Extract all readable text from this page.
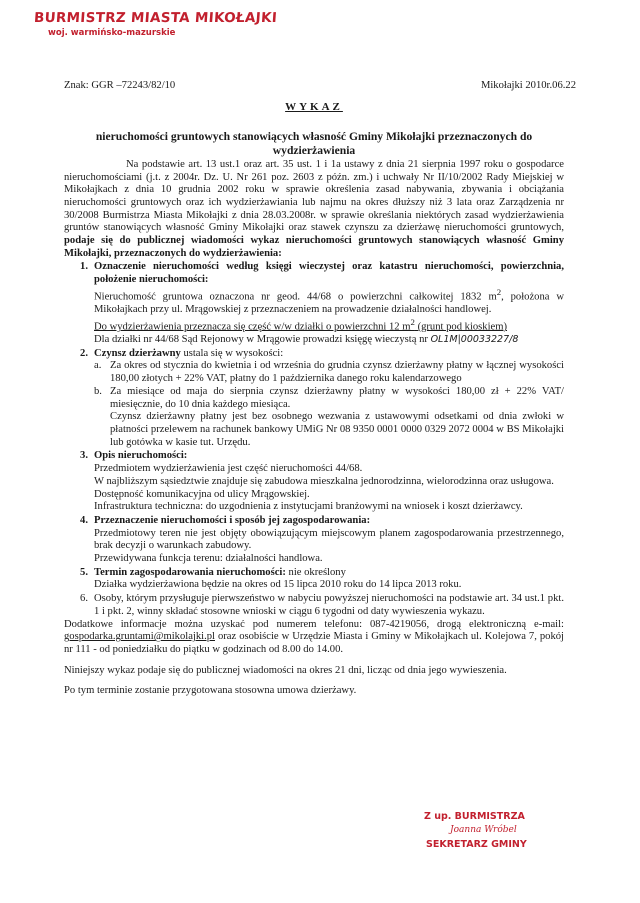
BURMISTRZ MIASTA MIKOŁAJKI
woj. warmińsko-mazurskie
Znak: GGR –72243/82/10	Mikołajki 2010r.06.22
WYKAZ
nieruchomości gruntowych stanowiących własność Gminy Mikołajki przeznaczonych do wydzierżawienia

Na podstawie art. 13 ust.1 oraz art. 35 ust. 1 i 1a ustawy z dnia 21 sierpnia 1997 roku o gospodarce nieruchomościami (j.t. z 2004r. Dz. U. Nr 261 poz. 2603 z późn. zm.) i uchwały Nr II/10/2002 Rady Miejskiej w Mikołajkach z dnia 10 grudnia 2002 roku w sprawie określenia zasad nabywania, zbywania i obciążania nieruchomości gruntowych oraz ich wydzierżawiania lub najmu na okres dłuższy niż 3 lata oraz Zarządzenia nr 30/2008 Burmistrza Miasta Mikołajki z dnia 28.03.2008r. w sprawie określania niektórych zasad wydzierżawienia gruntów stanowiących własność Gminy Mikołajki oraz stawek czynszu za dzierżawę nieruchomości gruntowych, podaje się do publicznej wiadomości wykaz nieruchomości gruntowych stanowiących własność Gminy Mikołajki, przeznaczonych do wydzierżawienia:

1. Oznaczenie nieruchomości według księgi wieczystej oraz katastru nieruchomości, powierzchnia, położenie nieruchomości:
Nieruchomość gruntowa oznaczona nr geod. 44/68 o powierzchni całkowitej 1832 $m^2$, położona w Mikołajkach przy ul. Mrągowskiej z przeznaczeniem na prowadzenie działalności handlowej.
Do wydzierżawienia przeznacza się część w/w działki o powierzchni 12 $m^2$ (grunt pod kioskiem)
Dla działki nr 44/68 Sąd Rejonowy w Mrągowie prowadzi księgę wieczystą nr OL1M|00033227/8
2. Czynsz dzierżawny ustala się w wysokości:
a. Za okres od stycznia do kwietnia i od września do grudnia czynsz dzierżawny płatny w łącznej wysokości 180,00 złotych + 22% VAT, płatny do 1 października danego roku kalendarzowego
b. Za miesiące od maja do sierpnia czynsz dzierżawny płatny w wysokości 180,00 zł + 22% VAT/ miesięcznie, do 10 dnia każdego miesiąca.
Czynsz dzierżawny płatny jest bez osobnego wezwania z ustawowymi odsetkami od dnia zwłoki w płatności przelewem na rachunek bankowy UMiG Nr 08 9350 0001 0000 0329 2072 0004 w BS Mikołajki lub gotówka w kasie tut. Urzędu.
3. Opis nieruchomości:
Przedmiotem wydzierżawienia jest część nieruchomości 44/68.
W najbliższym sąsiedztwie znajduje się zabudowa mieszkalna jednorodzinna, wielorodzinna oraz usługowa.
Dostępność komunikacyjna od ulicy Mrągowskiej.
Infrastruktura techniczna: do uzgodnienia z instytucjami branżowymi na wniosek i koszt dzierżawcy.
4. Przeznaczenie nieruchomości i sposób jej zagospodarowania:
Przedmiotowy teren nie jest objęty obowiązującym miejscowym planem zagospodarowania przestrzennego, brak decyzji o warunkach zabudowy.
Przewidywana funkcja terenu: działalności handlowa.
5. Termin zagospodarowania nieruchomości: nie określony
Działka wydzierżawiona będzie na okres od 15 lipca 2010 roku do 14 lipca 2013 roku.
6. Osoby, którym przysługuje pierwszeństwo w nabyciu powyższej nieruchomości na podstawie art. 34 ust.1 pkt. 1 i pkt. 2, winny składać stosowne wnioski w ciągu 6 tygodni od daty wywieszenia wykazu.

Dodatkowe informacje można uzyskać pod numerem telefonu: 087-4219056, drogą elektroniczną e-mail: gospodarka.gruntami@mikolajki.pl oraz osobiście w Urzędzie Miasta i Gminy w Mikołajkach ul. Kolejowa 7, pokój nr 111 - od poniedziałku do piątku w godzinach od 8.00 do 14.00.

Niniejszy wykaz podaje się do publicznej wiadomości na okres 21 dni, licząc od dnia jego wywieszenia.

Po tym terminie zostanie przygotowana stosowna umowa dzierżawy.

Z up. BURMISTRZA
Joanna Wróbel
SEKRETARZ GMINY
